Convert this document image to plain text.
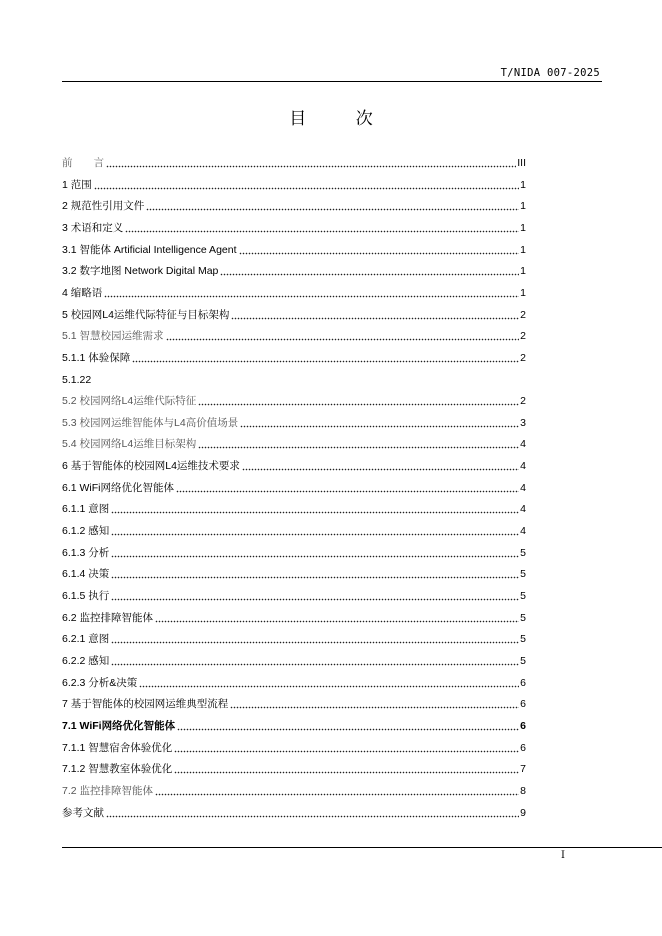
T/NIDA 007-2025
目 次
前　　言	III
1 范围	1
2 规范性引用文件	1
3 术语和定义	1
3.1 智能体 Artificial Intelligence Agent	1
3.2 数字地图 Network Digital Map	1
4 缩略语	1
5 校园网L4运维代际特征与目标架构	2
5.1 智慧校园运维需求	2
5.1.1 体验保障	2
5.1.22
5.2 校园网络L4运维代际特征	2
5.3 校园网运维智能体与L4高价值场景	3
5.4 校园网络L4运维目标架构	4
6 基于智能体的校园网L4运维技术要求	4
6.1 WiFi网络优化智能体	4
6.1.1 意图	4
6.1.2 感知	4
6.1.3 分析	5
6.1.4 决策	5
6.1.5 执行	5
6.2 监控排障智能体	5
6.2.1 意图	5
6.2.2 感知	5
6.2.3 分析&决策	6
7 基于智能体的校园网运维典型流程	6
7.1 WiFi网络优化智能体	6
7.1.1 智慧宿舍体验优化	6
7.1.2 智慧教室体验优化	7
7.2 监控排障智能体	8
参考文献	9
I
